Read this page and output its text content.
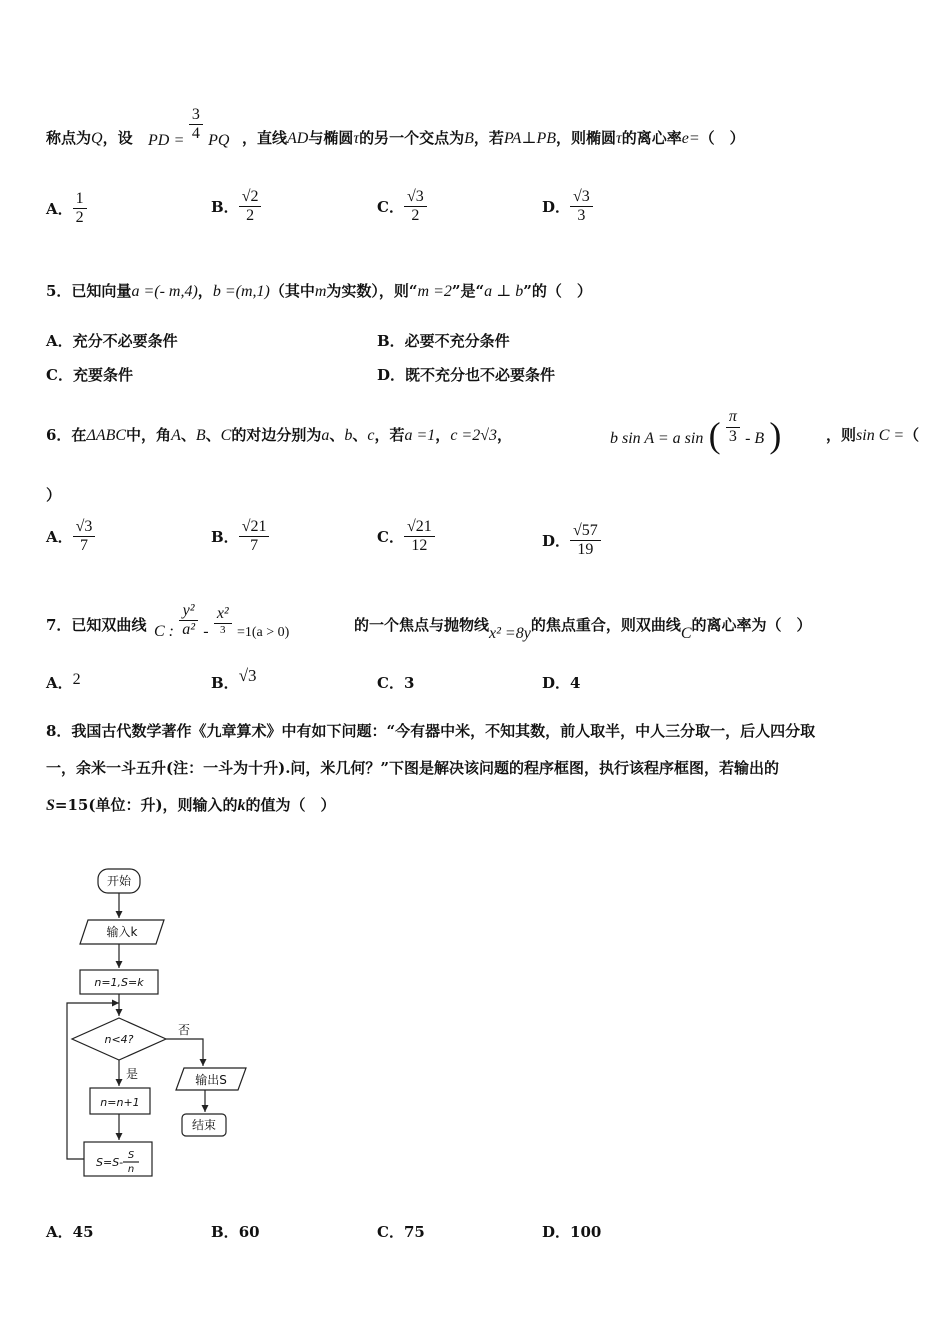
称点为Q，设 PD = $\frac{3}{4}$ PQ ，直线AD与椭圆τ的另一个交点为B，若PA⊥PB，则椭圆τ的离心率e=（　）
A． $\frac{1}{2}$	B． $\frac{√2}{2}$	C． $\frac{√3}{2}$	D． $\frac{√3}{3}$
5．已知向量a =(- m,4)，b =(m,1)（其中m为实数），则“m =2”是“a ⊥ b”的（　）
A．充分不必要条件	B．必要不充分条件
C．充要条件	D．既不充分也不必要条件
6．在ΔABC中，角A、B、C的对边分别为a、b、c，若a =1，c =2√3，	b sin A = a sin ( $\frac{\pi}{3}$ - B )	，则sin C =（
）
A． $\frac{√3}{7}$	B． $\frac{√21}{7}$	C． $\frac{√21}{12}$	D． $\frac{√57}{19}$
7．已知双曲线 C : $\frac{\text{y²}}{\text{a²}} - \frac{\text{x²}}{3} =1(a > 0)$	的一个焦点与抛物线x² =8y的焦点重合，则双曲线C的离心率为（　）
A．2	B．√3	C．3	D．4
8．我国古代数学著作《九章算术》中有如下问题：“今有器中米，不知其数，前人取半，中人三分取一，后人四分取
一，余米一斗五升(注：一斗为十升).问，米几何？”下图是解决该问题的程序框图，执行该程序框图，若输出的
S=15(单位：升)，则输入的k的值为（　）
开始
输入k
n=1,S=k
n<4?
否
是	输出S
结束
n=n+1
S=S-
S
n
A．45	B．60	C．75	D．100
